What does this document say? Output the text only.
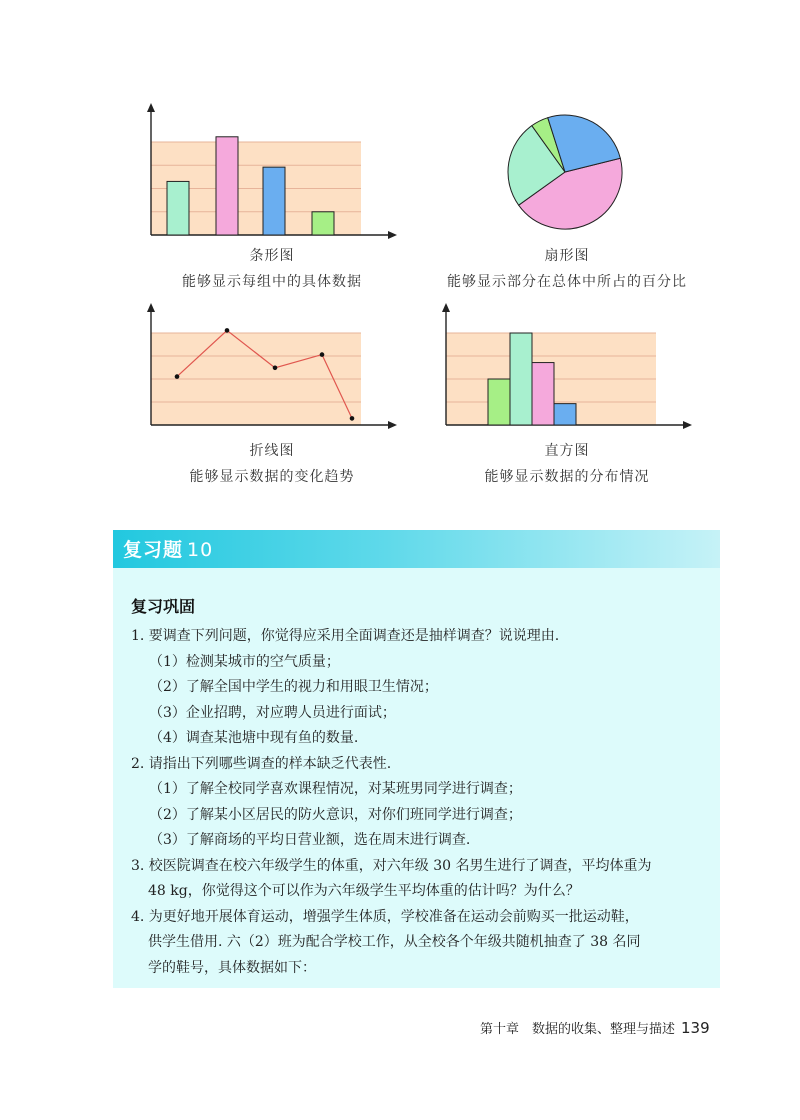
条形图
能够显示每组中的具体数据
扇形图
能够显示部分在总体中所占的百分比
折线图
能够显示数据的变化趋势
直方图
能够显示数据的分布情况
复习题 10
复习巩固
1. 要调查下列问题，你觉得应采用全面调查还是抽样调查？说说理由.
（1）检测某城市的空气质量；
（2）了解全国中学生的视力和用眼卫生情况；
（3）企业招聘，对应聘人员进行面试；
（4）调查某池塘中现有鱼的数量.
2. 请指出下列哪些调查的样本缺乏代表性.
（1）了解全校同学喜欢课程情况，对某班男同学进行调查；
（2）了解某小区居民的防火意识，对你们班同学进行调查；
（3）了解商场的平均日营业额，选在周末进行调查.
3. 校医院调查在校六年级学生的体重，对六年级 30 名男生进行了调查，平均体重为
48 kg，你觉得这个可以作为六年级学生平均体重的估计吗？为什么？
4. 为更好地开展体育运动，增强学生体质，学校准备在运动会前购买一批运动鞋，
供学生借用. 六（2）班为配合学校工作，从全校各个年级共随机抽查了 38 名同
学的鞋号，具体数据如下：
第十章　数据的收集、整理与描述 139
